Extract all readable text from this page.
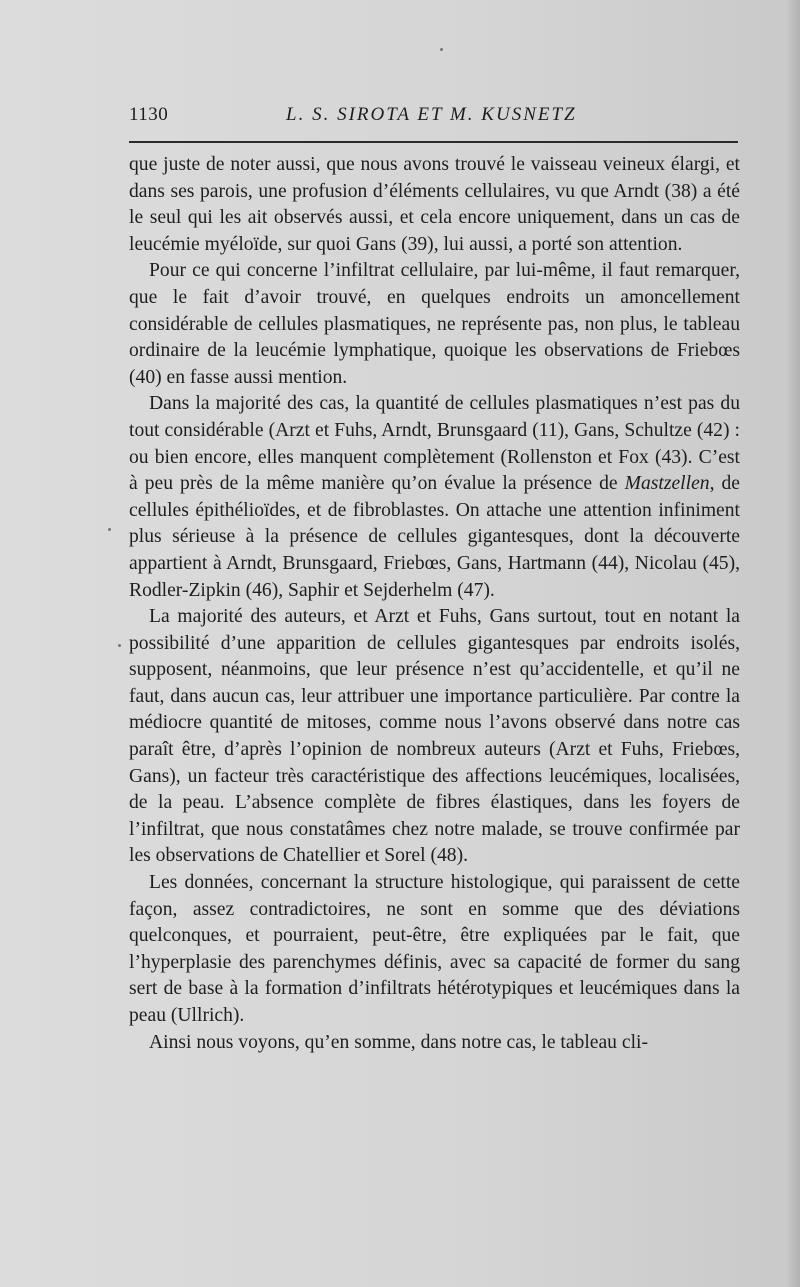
1130	L. S. SIROTA ET M. KUSNETZ

que juste de noter aussi, que nous avons trouvé le vaisseau veineux élargi, et dans ses parois, une profusion d’éléments cellulaires, vu que Arndt (38) a été le seul qui les ait observés aussi, et cela encore uniquement, dans un cas de leucémie myéloïde, sur quoi Gans (39), lui aussi, a porté son attention.

Pour ce qui concerne l’infiltrat cellulaire, par lui-même, il faut remarquer, que le fait d’avoir trouvé, en quelques endroits un amoncellement considérable de cellules plasmatiques, ne représente pas, non plus, le tableau ordinaire de la leucémie lymphatique, quoique les observations de Friebœs (40) en fasse aussi mention.

Dans la majorité des cas, la quantité de cellules plasmatiques n’est pas du tout considérable (Arzt et Fuhs, Arndt, Brunsgaard (11), Gans, Schultze (42) : ou bien encore, elles manquent complètement (Rollenston et Fox (43). C’est à peu près de la même manière qu’on évalue la présence de Mastzellen, de cellules épithélioïdes, et de fibroblastes. On attache une attention infiniment plus sérieuse à la présence de cellules gigantesques, dont la découverte appartient à Arndt, Brunsgaard, Friebœs, Gans, Hartmann (44), Nicolau (45), Rodler-Zipkin (46), Saphir et Sejderhelm (47).

La majorité des auteurs, et Arzt et Fuhs, Gans surtout, tout en notant la possibilité d’une apparition de cellules gigantesques par endroits isolés, supposent, néanmoins, que leur présence n’est qu’accidentelle, et qu’il ne faut, dans aucun cas, leur attribuer une importance particulière. Par contre la médiocre quantité de mitoses, comme nous l’avons observé dans notre cas paraît être, d’après l’opinion de nombreux auteurs (Arzt et Fuhs, Friebœs, Gans), un facteur très caractéristique des affections leucémiques, localisées, de la peau. L’absence complète de fibres élastiques, dans les foyers de l’infiltrat, que nous constatâmes chez notre malade, se trouve confirmée par les observations de Chatellier et Sorel (48).

Les données, concernant la structure histologique, qui paraissent de cette façon, assez contradictoires, ne sont en somme que des déviations quelconques, et pourraient, peut-être, être expliquées par le fait, que l’hyperplasie des parenchymes définis, avec sa capacité de former du sang sert de base à la formation d’infiltrats hétérotypiques et leucémiques dans la peau (Ullrich).

Ainsi nous voyons, qu’en somme, dans notre cas, le tableau cli-
